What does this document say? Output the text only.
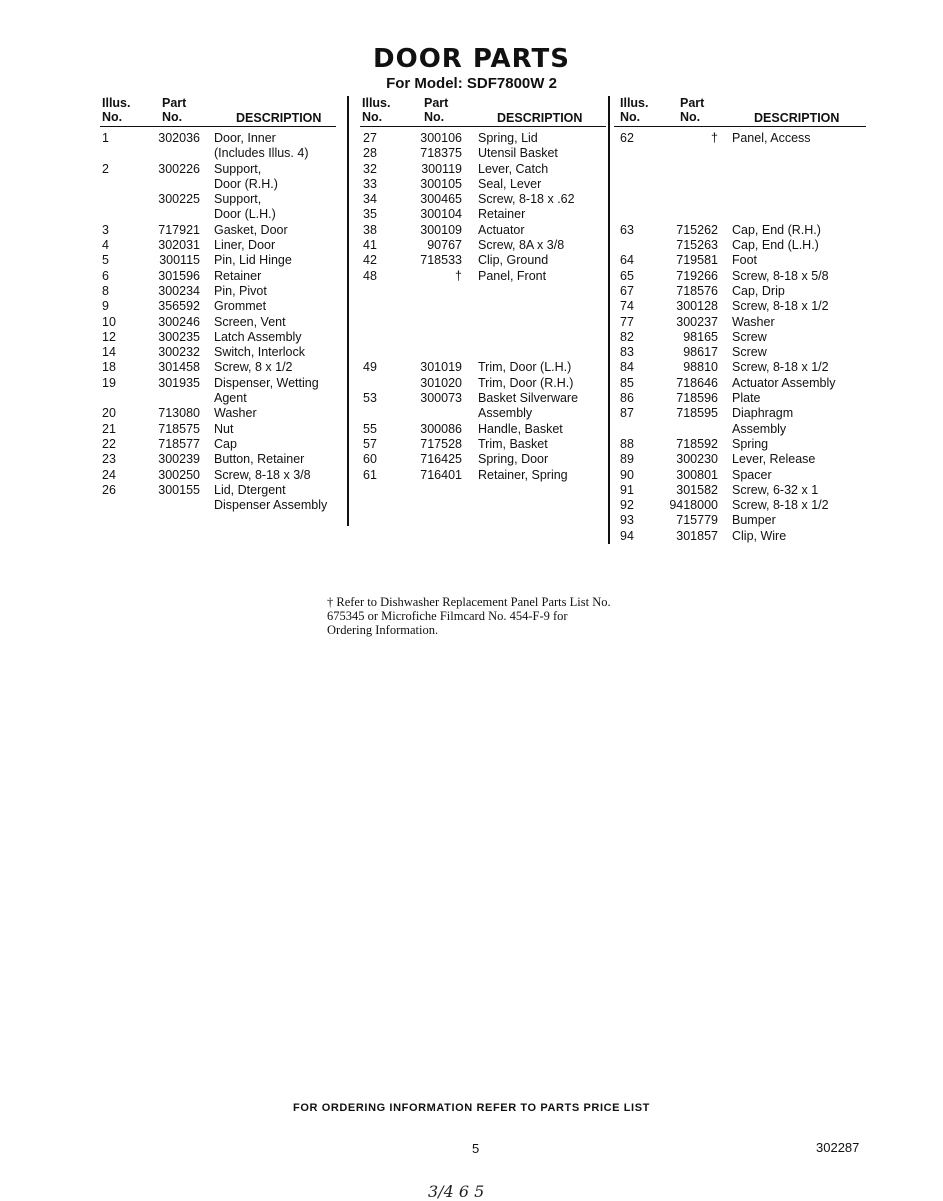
DOOR PARTS
For Model: SDF7800W 2
Illus.
No.
Part
No.	DESCRIPTION
1	302036 Door, Inner
(Includes Illus. 4)
2	300226 Support,
Door (R.H.)
300225 Support,
Door (L.H.)
3	717921 Gasket, Door
4	302031 Liner, Door
5	300115 Pin, Lid Hinge
6	301596 Retainer
8	300234 Pin, Pivot
9	356592 Grommet
10	300246 Screen, Vent
12	300235 Latch Assembly
14	300232 Switch, Interlock
18	301458 Screw, 8 x 1/2
19	301935 Dispenser, Wetting
Agent
20	713080 Washer
21	718575 Nut
22	718577 Cap
23	300239 Button, Retainer
24	300250 Screw, 8-18 x 3/8
26	300155 Lid, Dtergent
Dispenser Assembly
Illus.
No.
Part
No.	DESCRIPTION
27	300106 Spring, Lid
28	718375 Utensil Basket
32	300119 Lever, Catch
33	300105 Seal, Lever
34	300465 Screw, 8-18 x .62
35	300104 Retainer
38	300109 Actuator
41	90767 Screw, 8A x 3/8
42	718533 Clip, Ground
48	† Panel, Front
49	301019 Trim, Door (L.H.)
301020 Trim, Door (R.H.)
53	300073 Basket Silverware
Assembly
55	300086 Handle, Basket
57	717528 Trim, Basket
60	716425 Spring, Door
61	716401 Retainer, Spring
Illus.
No.
Part
No.	DESCRIPTION
62	† Panel, Access
63	715262 Cap, End (R.H.)
715263 Cap, End (L.H.)
64	719581 Foot
65	719266 Screw, 8-18 x 5/8
67	718576 Cap, Drip
74	300128 Screw, 8-18 x 1/2
77	300237 Washer
82	98165 Screw
83	98617 Screw
84	98810 Screw, 8-18 x 1/2
85	718646 Actuator Assembly
86	718596 Plate
87	718595 Diaphragm
Assembly
88	718592 Spring
89	300230 Lever, Release
90	300801 Spacer
91	301582 Screw, 6-32 x 1
92	9418000 Screw, 8-18 x 1/2
93	715779 Bumper
94	301857 Clip, Wire
† Refer to Dishwasher Replacement Panel Parts List No. 675345 or Microfiche Filmcard No. 454-F-9 for Ordering Information.
FOR ORDERING INFORMATION REFER TO PARTS PRICE LIST
5	302287
3/4 6 5
